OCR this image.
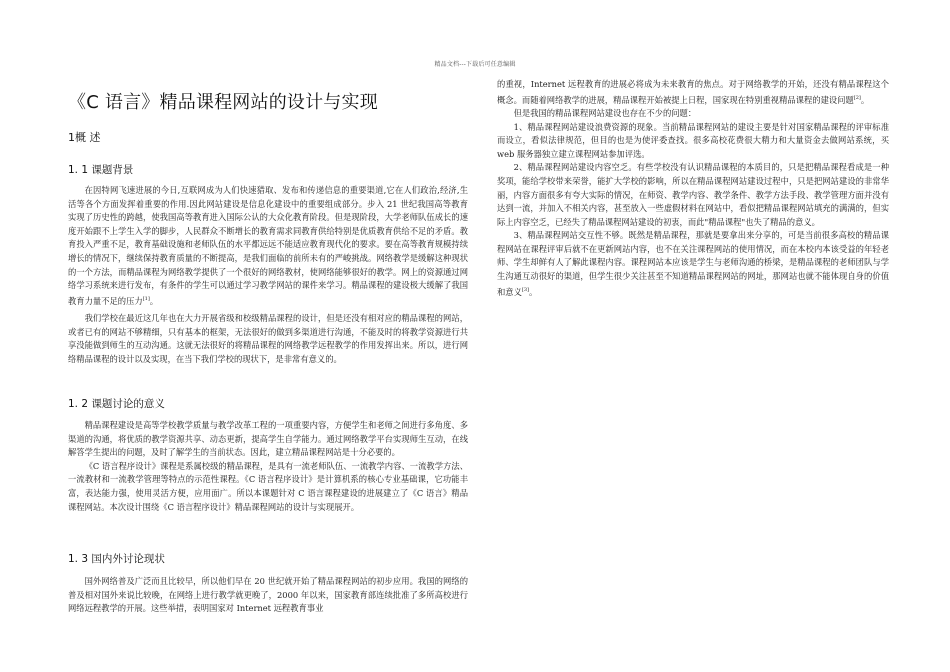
精品文档---下载后可任意编辑
《C 语言》精品课程网站的设计与实现
1概 述
1. 1 课题背景

在因特网飞速进展的今日,互联网成为人们快速猎取、发布和传递信息的重要渠道,它在人们政治,经济,生活等各个方面发挥着重要的作用.因此网站建设是信息化建设中的重要组成部分。步入 21 世纪我国高等教育实现了历史性的跨越，使我国高等教育进入国际公认的大众化教育阶段。但是现阶段，大学老师队伍成长的速度开始跟不上学生入学的脚步，人民群众不断增长的教育需求同教育供给特别是优质教育供给不足的矛盾。教育投入严重不足，教育基础设施和老师队伍的水平都远远不能适应教育现代化的要求。要在高等教育规模持续增长的情况下，继续保持教育质量的不断提高，是我们面临的前所未有的严峻挑战。网络教学是缓解这种现状的一个方法，而精品课程为网络教学提供了一个很好的网络教材，使网络能够很好的教学。网上的资源通过网络学习系统来进行发布，有条件的学生可以通过学习教学网站的课件来学习。精品课程的建设极大缓解了我国教育力量不足的压力[1]。

我们学校在最近这几年也在大力开展省级和校级精品课程的设计，但是还没有相对应的精品课程的网站，或者已有的网站不够精细，只有基本的框架，无法很好的做到多渠道进行沟通，不能及时的将教学资源进行共享没能做到师生的互动沟通。这就无法很好的将精品课程的网络教学远程教学的作用发挥出来。所以，进行网络精品课程的设计以及实现，在当下我们学校的现状下，是非常有意义的。

1. 2 课题讨论的意义

精品课程建设是高等学校教学质量与教学改革工程的一项重要内容，方便学生和老师之间进行多角度、多渠道的沟通，将优质的教学资源共享、动态更新，提高学生自学能力。通过网络教学平台实现师生互动，在线解答学生提出的问题，及时了解学生的当前状态。因此，建立精品课程网站是十分必要的。

《C 语言程序设计》课程是系属校级的精品课程，是具有一流老师队伍、一流教学内容、一流教学方法、一流教材和一流教学管理等特点的示范性课程。《C 语言程序设计》是计算机系的核心专业基础课，它功能丰富，表达能力强，使用灵活方便，应用面广。所以本课题针对 C 语言课程建设的进展建立了《C 语言》精品课程网站。本次设计围绕《C 语言程序设计》精品课程网站的设计与实现展开。

1. 3 国内外讨论现状

国外网络普及广泛而且比较早，所以他们早在 20 世纪就开始了精品课程网站的初步应用。我国的网络的普及相对国外来说比较晚，在网络上进行教学就更晚了，2000 年以来，国家教育部连续批准了多所高校进行网络远程教学的开展。这些举措，表明国家对 Internet 远程教育事业

的重视，Internet 远程教育的进展必将成为未来教育的焦点。对于网络教学的开始，还没有精品课程这个概念。而随着网络教学的进展，精品课程开始被提上日程，国家现在特别重视精品课程的建设问题[2]。

但是我国的精品课程网站建设也存在不少的问题：

1、精品课程网站建设浪费资源的现象。当前精品课程网站的建设主要是针对国家精品课程的评审标准而设立，看似法律规范，但目的也是为使评委查找。很多高校花费很大精力和大量资金去做网站系统，买 web 服务器独立建立课程网站参加评选。

2、精品课程网站建设内容空乏。有些学校没有认识精品课程的本质目的，只是把精品课程看成是一种奖项，能给学校带来荣誉，能扩大学校的影响，所以在精品课程网站建设过程中，只是把网站建设的非常华丽，内容方面很多有夸大实际的情况，在师资、教学内容、教学条件、教学方法手段、教学管理方面并没有达到一流，并加入不相关内容，甚至放入一些虚假材料在网站中，看似把精品课程网站填充的满满的，但实际上内容空乏，已经失了精品课程网站建设的初衷，而此"精品课程"也失了精品的意义。

3、精品课程网站交互性不够。既然是精品课程，那就是要拿出来分享的，可是当前很多高校的精品课程网站在课程评审后就不在更新网站内容，也不在关注课程网站的使用情况，而在本校内本该受益的年轻老师、学生却鲜有人了解此课程内容。课程网站本应该是学生与老师沟通的桥梁，是精品课程的老师团队与学生沟通互动很好的渠道，但学生很少关注甚至不知道精品课程网站的网址，那网站也就不能体现自身的价值和意义[3]。
